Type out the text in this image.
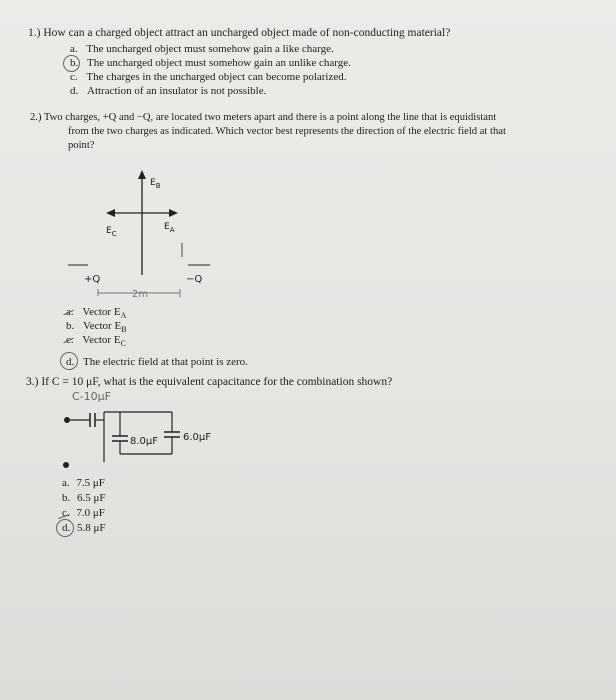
1.) How can a charged object attract an uncharged object made of non-conducting material?
a. The uncharged object must somehow gain a like charge.
b. The uncharged object must somehow gain an unlike charge.
c. The charges in the uncharged object can become polarized.
d. Attraction of an insulator is not possible.
2.) Two charges, +Q and −Q, are located two meters apart and there is a point along the line that is equidistant
from the two charges as indicated. Which vector best represents the direction of the electric field at that
point?
2m
$E_B$
$E_C$
$E_A$
+Q	−Q
a. Vector $E_A$
b. Vector $E_B$
c. Vector $E_C$
d. The electric field at that point is zero.
3.) If C = 10 μF, what is the equivalent capacitance for the combination shown?
C-10μF
8.0μF 6.0μF
a. 7.5 μF
b. 6.5 μF
c. 7.0 μF
d. 5.8 μF
